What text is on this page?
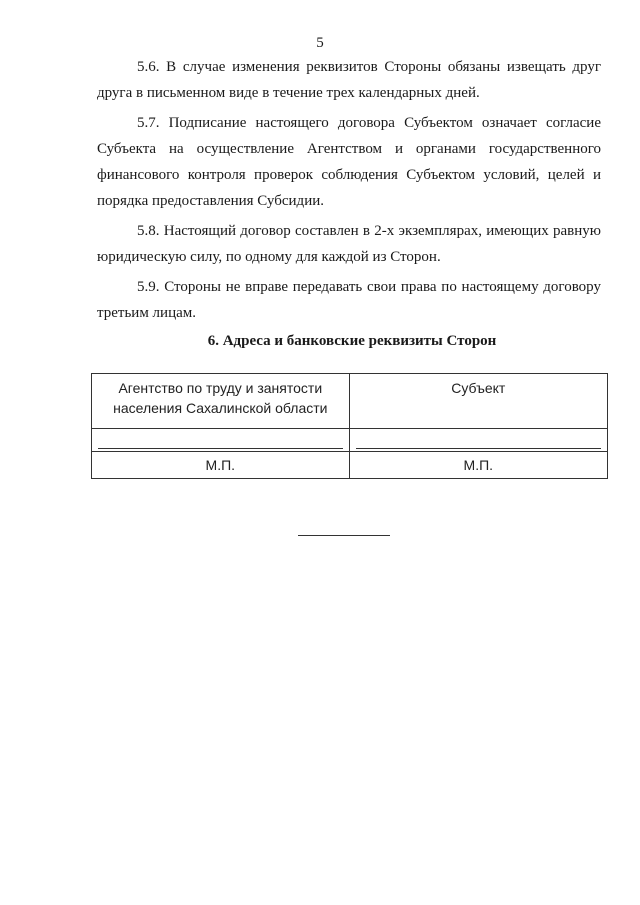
5

5.6. В случае изменения реквизитов Стороны обязаны извещать друг друга в письменном виде в течение трех календарных дней.

5.7. Подписание настоящего договора Субъектом означает согласие Субъекта на осуществление Агентством и органами государственного финансового контроля проверок соблюдения Субъектом условий, целей и порядка предоставления Субсидии.

5.8. Настоящий договор составлен в 2-х экземплярах, имеющих равную юридическую силу, по одному для каждой из Сторон.

5.9. Стороны не вправе передавать свои права по настоящему договору третьим лицам.

6. Адреса и банковские реквизиты Сторон
Агентство по труду и занятости населения Сахалинской области	Субъект

М.П.	М.П.
